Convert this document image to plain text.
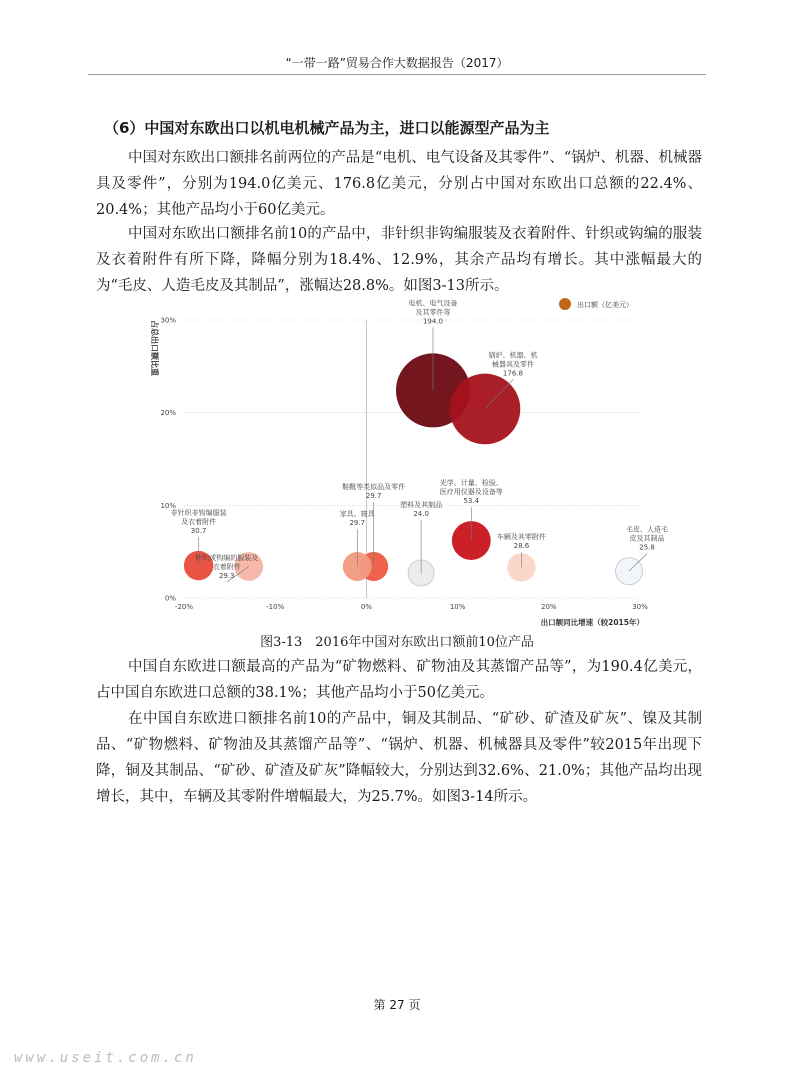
“一带一路”贸易合作大数据报告（2017）
（6）中国对东欧出口以机电机械产品为主，进口以能源型产品为主

中国对东欧出口额排名前两位的产品是“电机、电气设备及其零件”、“锅炉、机器、机械器具及零件”，分别为194.0亿美元、176.8亿美元，分别占中国对东欧出口总额的22.4%、20.4%；其他产品均小于60亿美元。

中国对东欧出口额排名前10的产品中，非针织非钩编服装及衣着附件、针织或钩编的服装及衣着附件有所下降，降幅分别为18.4%、12.9%，其余产品均有增长。其中涨幅最大的为“毛皮、人造毛皮及其制品”，涨幅达28.8%。如图3-13所示。

0%
10%
20%
30%
-20%	-10%	0%	10%	20%	30%
占总出口额比重
出口额同比增速（较2015年）
出口额（亿美元）
电机、电气设备
及其零件等
194.0
锅炉、机器、机
械器具及零件
176.8
光学、计量、检验、
医疗用仪器及设备等
53.4
非针织非钩编服装
及衣着附件
30.7
鞋靴等类似品及零件
29.7
家具、寝具
29.7
针织或钩编的服装及
衣着附件
29.3
车辆及其零附件
28.6
毛皮、人造毛
皮及其制品
25.8
塑料及其制品
24.0
图3-13　2016年中国对东欧出口额前10位产品

中国自东欧进口额最高的产品为“矿物燃料、矿物油及其蒸馏产品等”，为190.4亿美元，占中国自东欧进口总额的38.1%；其他产品均小于50亿美元。

在中国自东欧进口额排名前10的产品中，铜及其制品、“矿砂、矿渣及矿灰”、镍及其制品、“矿物燃料、矿物油及其蒸馏产品等”、“锅炉、机器、机械器具及零件”较2015年出现下降，铜及其制品、“矿砂、矿渣及矿灰”降幅较大，分别达到32.6%、21.0%；其他产品均出现增长，其中，车辆及其零附件增幅最大，为25.7%。如图3-14所示。

第 27 页
www.useit.com.cn
